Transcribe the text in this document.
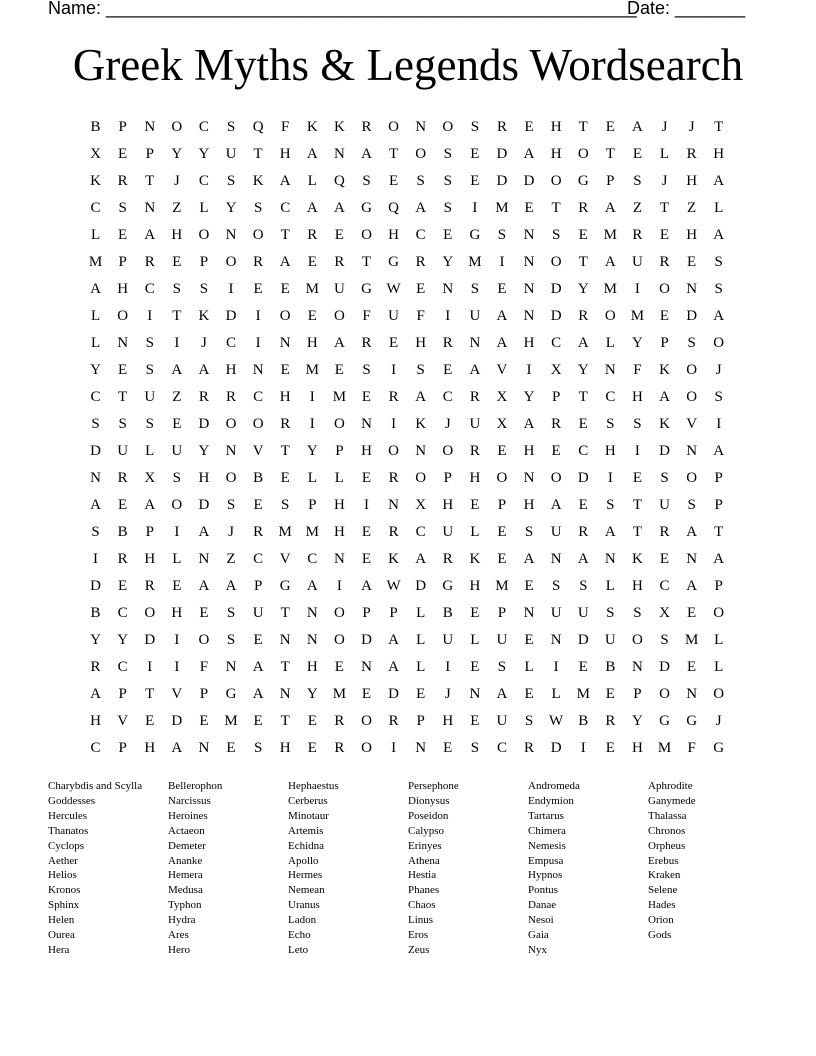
Name: _____________________________________________________
Date: _______
Greek Myths & Legends Wordsearch
B	P	N	O	C	S	Q	F	K	K	R	O	N	O	S	R	E	H	T	E	A	J	J	T
X	E	P	Y	Y	U	T	H	A	N	A	T	O	S	E	D	A	H	O	T	E	L	R	H
K	R	T	J	C	S	K	A	L	Q	S	E	S	S	E	D	D	O	G	P	S	J	H	A
C	S	N	Z	L	Y	S	C	A	A	G	Q	A	S	I	M	E	T	R	A	Z	T	Z	L
L	E	A	H	O	N	O	T	R	E	O	H	C	E	G	S	N	S	E	M	R	E	H	A
M	P	R	E	P	O	R	A	E	R	T	G	R	Y	M	I	N	O	T	A	U	R	E	S
A	H	C	S	S	I	E	E	M	U	G W	E	N	S	E	N	D	Y	M	I	O	N	S
L	O	I	T	K	D	I	O	E	O	F	U	F	I	U	A	N	D	R	O	M	E	D	A
L	N	S	I	J	C	I	N	H	A	R	E	H	R	N	A	H	C	A	L	Y	P	S	O
Y	E	S	A	A	H	N	E	M	E	S	I	S	E	A	V	I	X	Y	N	F	K	O	J
C	T	U	Z	R	R	C	H	I	M	E	R	A	C	R	X	Y	P	T	C	H	A	O	S
S	S	S	E	D	O	O	R	I	O	N	I	K	J	U	X	A	R	E	S	S	K	V	I
D	U	L	U	Y	N	V	T	Y	P	H	O	N	O	R	E	H	E	C	H	I	D	N	A
N	R	X	S	H	O	B	E	L	L	E	R	O	P	H	O	N	O	D	I	E	S	O	P
A	E	A	O	D	S	E	S	P	H	I	N	X	H	E	P	H	A	E	S	T	U	S	P
S	B	P	I	A	J	R	M M	H	E	R	C	U	L	E	S	U	R	A	T	R	A	T
I	R	H	L	N	Z	C	V	C	N	E	K	A	R	K	E	A	N	A	N	K	E	N	A
D	E	R	E	A	A	P	G	A	I	A W D	G	H	M	E	S	S	L	H	C	A	P
B	C	O	H	E	S	U	T	N	O	P	P	L	B	E	P	N	U	U	S	S	X	E	O
Y	Y	D	I	O	S	E	N	N	O	D	A	L	U	L	U	E	N	D	U	O	S	M	L
R	C	I	I	F	N	A	T	H	E	N	A	L	I	E	S	L	I	E	B	N	D	E	L
A	P	T	V	P	G	A	N	Y	M	E	D	E	J	N	A	E	L	M	E	P	O	N	O
H	V	E	D	E	M	E	T	E	R	O	R	P	H	E	U	S	W	B	R	Y	G	G	J
C	P	H	A	N	E	S	H	E	R	O	I	N	E	S	C	R	D	I	E	H	M	F	G
Charybdis and Scylla
Goddesses
Hercules
Thanatos
Cyclops
Aether
Helios
Kronos
Sphinx
Helen
Ourea
Hera
Bellerophon
Narcissus
Heroines
Actaeon
Demeter
Ananke
Hemera
Medusa
Typhon
Hydra
Ares
Hero
Hephaestus
Cerberus
Minotaur
Artemis
Echidna
Apollo
Hermes
Nemean
Uranus
Ladon
Echo
Leto
Persephone
Dionysus
Poseidon
Calypso
Erinyes
Athena
Hestia
Phanes
Chaos
Linus
Eros
Zeus
Andromeda
Endymion
Tartarus
Chimera
Nemesis
Empusa
Hypnos
Pontus
Danae
Nesoi
Gaia
Nyx
Aphrodite
Ganymede
Thalassa
Chronos
Orpheus
Erebus
Kraken
Selene
Hades
Orion
Gods
